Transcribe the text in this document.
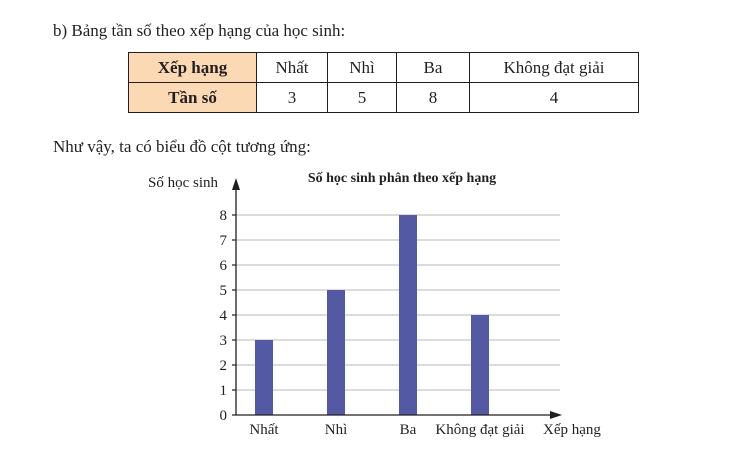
b) Bảng tần số theo xếp hạng của học sinh:
Xếp hạng	Nhất	Nhì	Ba	Không đạt giải
Tần số	3	5	8	4
Như vậy, ta có biểu đồ cột tương ứng:
0
1
2
3
4
5
6
7
8
Nhất	Nhì	Ba Không đạt giải
Số học sinh phân theo xếp hạng
Số học sinh
Xếp hạng
